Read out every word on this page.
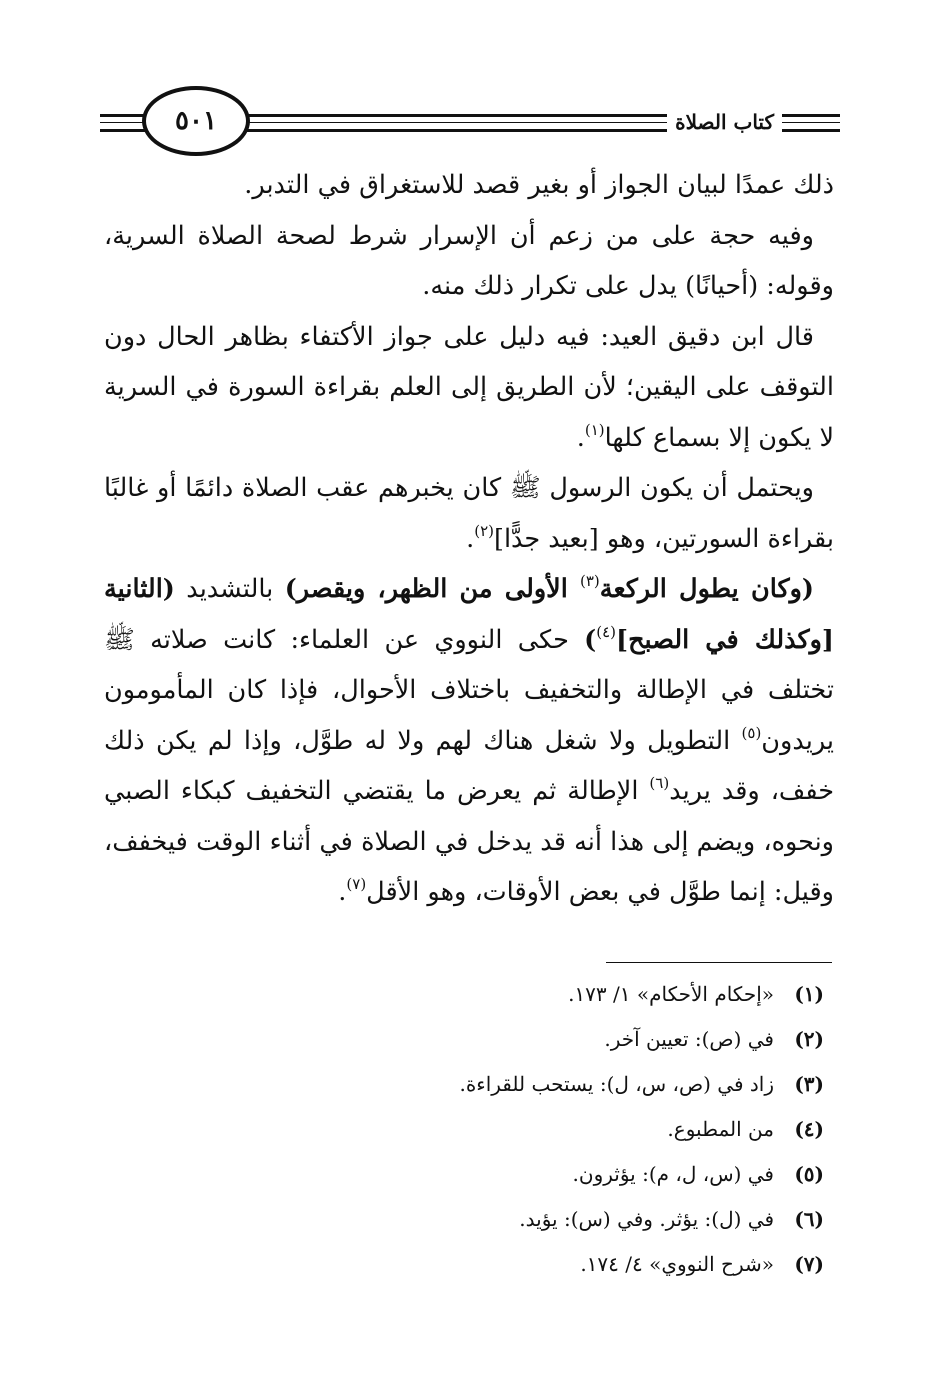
٥٠١	كتاب الصلاة

ذلك عمدًا لبيان الجواز أو بغير قصد للاستغراق في التدبر.

وفيه حجة على من زعم أن الإسرار شرط لصحة الصلاة السرية، وقوله: (أحيانًا) يدل على تكرار ذلك منه.

قال ابن دقيق العيد: فيه دليل على جواز الأكتفاء بظاهر الحال دون التوقف على اليقين؛ لأن الطريق إلى العلم بقراءة السورة في السرية لا يكون إلا بسماع كلها$^{(١)}$.

ويحتمل أن يكون الرسول ﷺ كان يخبرهم عقب الصلاة دائمًا أو غالبًا بقراءة السورتين، وهو [بعيد جدًّا]$^{(٢)}$.

(وكان يطول الركعة$^{(٣)}$ الأولى من الظهر، ويقصر) بالتشديد (الثانية [وكذلك في الصبح]$^{(٤)}$) حكى النووي عن العلماء: كانت صلاته ﷺ تختلف في الإطالة والتخفيف باختلاف الأحوال، فإذا كان المأمومون يريدون$^{(٥)}$ التطويل ولا شغل هناك لهم ولا له طوَّل، وإذا لم يكن ذلك خفف، وقد يريد$^{(٦)}$ الإطالة ثم يعرض ما يقتضي التخفيف كبكاء الصبي ونحوه، ويضم إلى هذا أنه قد يدخل في الصلاة في أثناء الوقت فيخفف، وقيل: إنما طوَّل في بعض الأوقات، وهو الأقل$^{(٧)}$.

(١)
«إحكام الأحكام» ١/ ١٧٣.
(٢)
في (ص): تعيين آخر.
(٣)
زاد في (ص، س، ل): يستحب للقراءة.
(٤)
من المطبوع.
(٥)
في (س، ل، م): يؤثرون.
(٦)
في (ل): يؤثر. وفي (س): يؤيد.
(٧)
«شرح النووي» ٤/ ١٧٤.
